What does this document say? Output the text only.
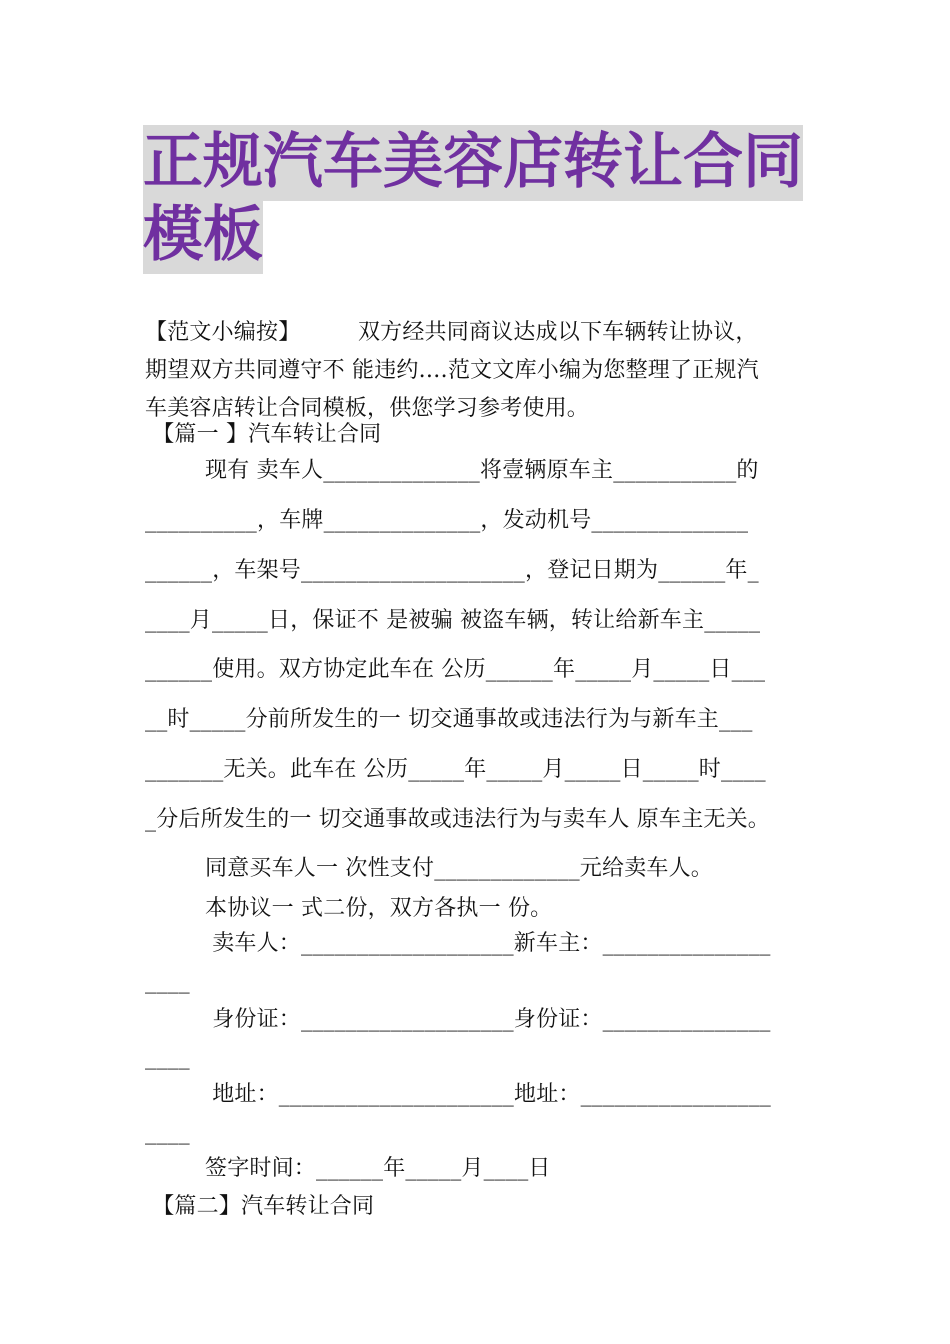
正规汽车美容店转让合同
模板
【范文小编按】        双方经共同商议达成以下车辆转让协议，
期望双方共同遵守不 能违约.…范文文库小编为您整理了正规汽
车美容店转让合同模板，供您学习参考使用。
【篇一 】汽车转让合同
现有 卖车人______________将壹辆原车主___________的
__________，车牌______________，发动机号______________
______，车架号____________________，登记日期为______年_
____月_____日，保证不 是被骗 被盗车辆，转让给新车主_____
______使用。双方协定此车在 公历______年_____月_____日___
__时_____分前所发生的一 切交通事故或违法行为与新车主___
_______无关。此车在 公历_____年_____月_____日_____时____
_分后所发生的一 切交通事故或违法行为与卖车人 原车主无关。
同意买车人一 次性支付_____________元给卖车人。
本协议一 式二份，双方各执一 份。
卖车人：___________________新车主：_______________
____
身份证：___________________身份证：_______________
____
地址：_____________________地址：_________________
____
签字时间：______年_____月____日
【篇二】汽车转让合同
